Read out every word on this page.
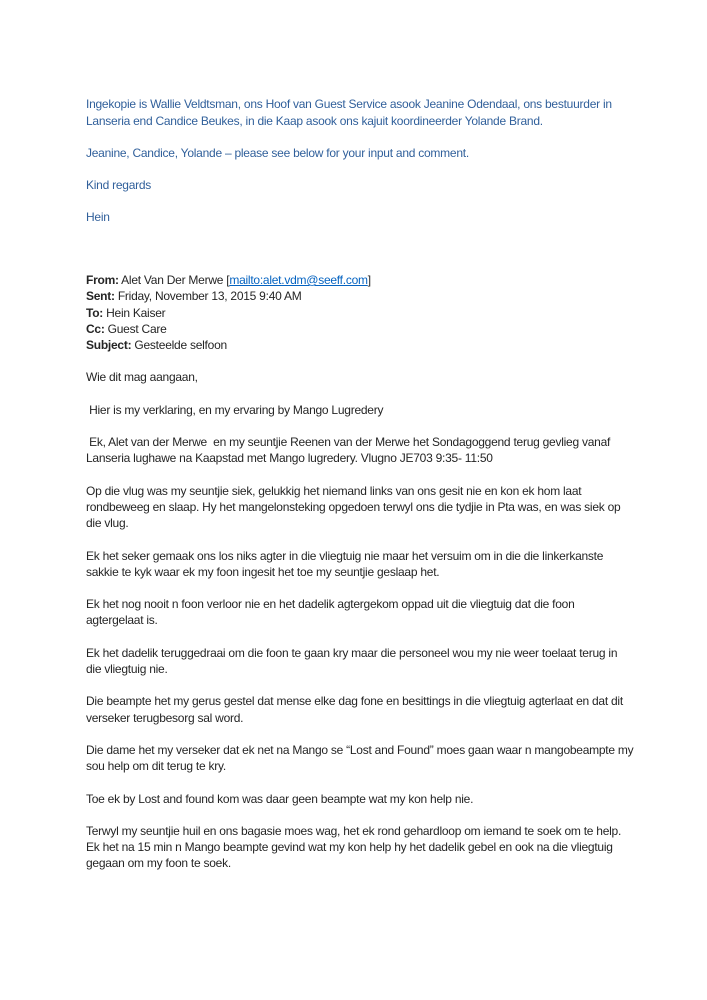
Ingekopie is Wallie Veldtsman, ons Hoof van Guest Service asook Jeanine Odendaal, ons bestuurder in Lanseria end Candice Beukes, in die Kaap asook ons kajuit koordineerder Yolande Brand.

Jeanine, Candice, Yolande – please see below for your input and comment.

Kind regards

Hein

From: Alet Van Der Merwe [mailto:alet.vdm@seeff.com]

Sent: Friday, November 13, 2015 9:40 AM

To: Hein Kaiser

Cc: Guest Care

Subject: Gesteelde selfoon

Wie dit mag aangaan,

Hier is my verklaring, en my ervaring by Mango Lugredery

Ek, Alet van der Merwe  en my seuntjie Reenen van der Merwe het Sondagoggend terug gevlieg vanaf Lanseria lughawe na Kaapstad met Mango lugredery. Vlugno JE703 9:35- 11:50

Op die vlug was my seuntjie siek, gelukkig het niemand links van ons gesit nie en kon ek hom laat rondbeweeg en slaap. Hy het mangelonsteking opgedoen terwyl ons die tydjie in Pta was, en was siek op die vlug.

Ek het seker gemaak ons los niks agter in die vliegtuig nie maar het versuim om in die die linkerkanste sakkie te kyk waar ek my foon ingesit het toe my seuntjie geslaap het.

Ek het nog nooit n foon verloor nie en het dadelik agtergekom oppad uit die vliegtuig dat die foon agtergelaat is.

Ek het dadelik teruggedraai om die foon te gaan kry maar die personeel wou my nie weer toelaat terug in die vliegtuig nie.

Die beampte het my gerus gestel dat mense elke dag fone en besittings in die vliegtuig agterlaat en dat dit verseker terugbesorg sal word.

Die dame het my verseker dat ek net na Mango se “Lost and Found” moes gaan waar n mangobeampte my sou help om dit terug te kry.

Toe ek by Lost and found kom was daar geen beampte wat my kon help nie.

Terwyl my seuntjie huil en ons bagasie moes wag, het ek rond gehardloop om iemand te soek om te help. Ek het na 15 min n Mango beampte gevind wat my kon help hy het dadelik gebel en ook na die vliegtuig gegaan om my foon te soek.
